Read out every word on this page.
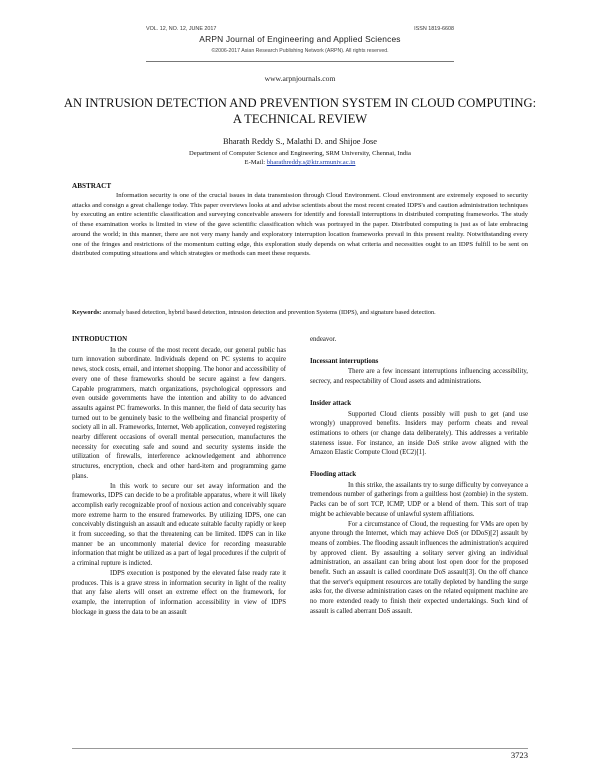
VOL. 12, NO. 12, JUNE 2017	ISSN 1819-6608
ARPN Journal of Engineering and Applied Sciences
©2006-2017 Asian Research Publishing Network (ARPN). All rights reserved.
www.arpnjournals.com
AN INTRUSION DETECTION AND PREVENTION SYSTEM IN CLOUD COMPUTING: A TECHNICAL REVIEW
Bharath Reddy S., Malathi D. and Shijoe Jose
Department of Computer Science and Engineering, SRM University, Chennai, India
E-Mail: bharathreddy.s@ktr.srmuniv.ac.in
ABSTRACT
Information security is one of the crucial issues in data transmission through Cloud Environment. Cloud environment are extremely exposed to security attacks and consign a great challenge today. This paper overviews looks at and advise scientists about the most recent created IDPS's and caution administration techniques by executing an entire scientific classification and surveying conceivable answers for identify and forestall interruptions in distributed computing frameworks. The study of these examination works is limited in view of the gave scientific classification which was portrayed in the paper. Distributed computing is just as of late embracing around the world; in this manner, there are not very many handy and exploratory interruption location frameworks prevail in this present reality. Notwithstanding every one of the fringes and restrictions of the momentum cutting edge, this exploration study depends on what criteria and necessities ought to an IDPS fulfill to be sent on distributed computing situations and which strategies or methods can meet these requests.
Keywords: anomaly based detection, hybrid based detection, intrusion detection and prevention Systems (IDPS), and signature based detection.
INTRODUCTION

In the course of the most recent decade, our general public has turn innovation subordinate. Individuals depend on PC systems to acquire news, stock costs, email, and internet shopping. The honor and accessibility of every one of these frameworks should be secure against a few dangers. Capable programmers, match organizations, psychological oppressors and even outside governments have the intention and ability to do advanced assaults against PC frameworks. In this manner, the field of data security has turned out to be genuinely basic to the wellbeing and financial prosperity of society all in all. Frameworks, Internet, Web application, conveyed registering nearby different occasions of overall mental persecution, manufactures the necessity for executing safe and sound and security systems inside the utilization of firewalls, interference acknowledgement and abhorrence structures, encryption, check and other hard-item and programming game plans.

In this work to secure our set away information and the frameworks, IDPS can decide to be a profitable apparatus, where it will likely accomplish early recognizable proof of noxious action and conceivably square more extreme harm to the ensured frameworks. By utilizing IDPS, one can conceivably distinguish an assault and educate suitable faculty rapidly or keep it from succeeding, so that the threatening can be limited. IDPS can in like manner be an uncommonly material device for recording measurable information that might be utilized as a part of legal procedures if the culprit of a criminal rupture is indicted.

IDPS execution is postponed by the elevated false ready rate it produces. This is a grave stress in information security in light of the reality that any false alerts will onset an extreme effect on the framework, for example, the interruption of information accessibility in view of IDPS blockage in guess the data to be an assault

endeavor.
Incessant interruptions

There are a few incessant interruptions influencing accessibility, secrecy, and respectability of Cloud assets and administrations.

Insider attack

Supported Cloud clients possibly will push to get (and use wrongly) unapproved benefits. Insiders may perform cheats and reveal estimations to others (or change data deliberately). This addresses a veritable stateness issue. For instance, an inside DoS strike avow aligned with the Amazon Elastic Compute Cloud (EC2)[1].

Flooding attack

In this strike, the assailants try to surge difficulty by conveyance a tremendous number of gatherings from a guiltless host (zombie) in the system. Packs can be of sort TCP, ICMP, UDP or a blend of them. This sort of trap might be achievable because of unlawful system affiliations.

For a circumstance of Cloud, the requesting for VMs are open by anyone through the Internet, which may achieve DoS (or DDoS)[2] assault by means of zombies. The flooding assault influences the administration's acquired by approved client. By assaulting a solitary server giving an individual administration, an assailant can bring about lost open door for the proposed benefit. Such an assault is called coordinate DoS assault[3]. On the off chance that the server's equipment resources are totally depleted by handling the surge asks for, the diverse administration cases on the related equipment machine are no more extended ready to finish their expected undertakings. Such kind of assault is called aberrant DoS assault.

3723
